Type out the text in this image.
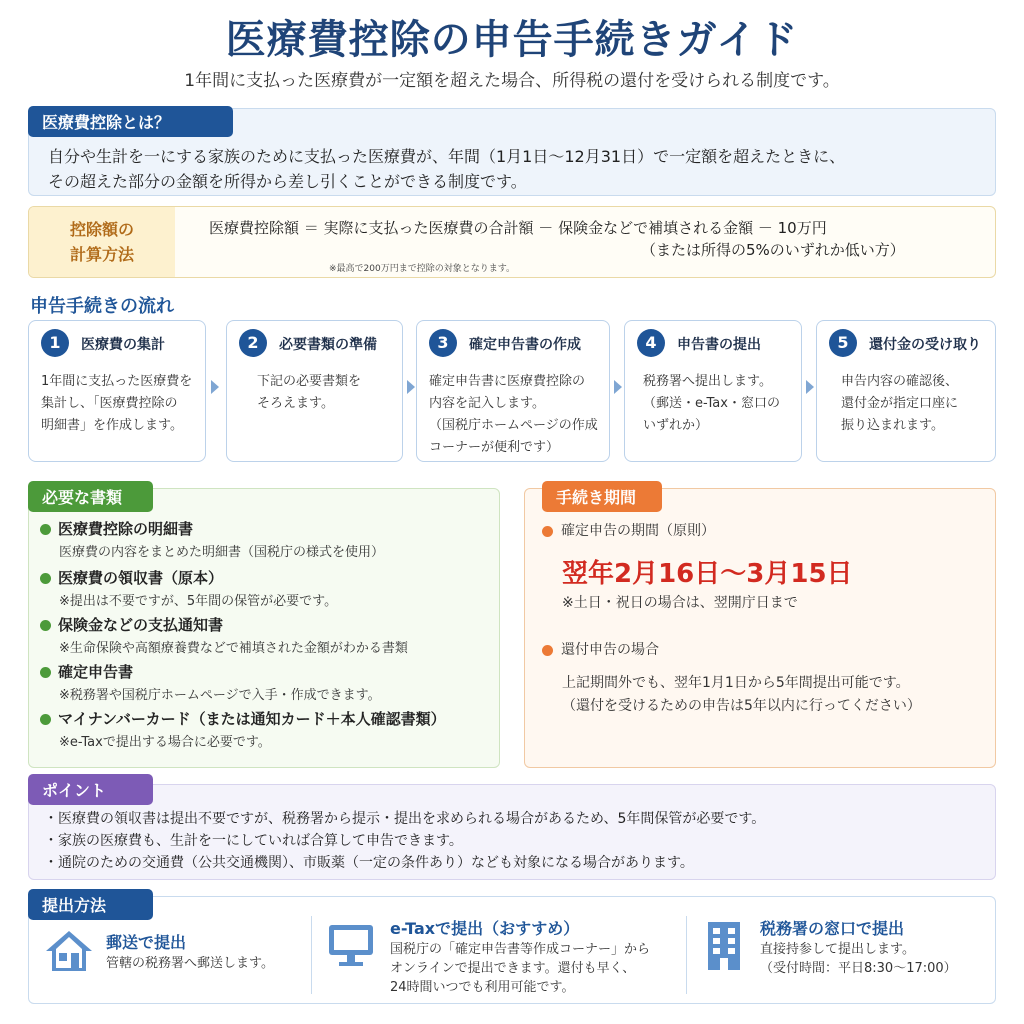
医療費控除の申告手続きガイド
1年間に支払った医療費が一定額を超えた場合、所得税の還付を受けられる制度です。
医療費控除とは？
自分や生計を一にする家族のために支払った医療費が、年間（1月1日〜12月31日）で一定額を超えたときに、
その超えた部分の金額を所得から差し引くことができる制度です。
控除額の
計算方法
医療費控除額 ＝ 実際に支払った医療費の合計額 － 保険金などで補填される金額 － 10万円
（または所得の5%のいずれか低い方）
※最高で200万円まで控除の対象となります。
申告手続きの流れ
1	医療費の集計
1年間に支払った医療費を
集計し、「医療費控除の
明細書」を作成します。
2	必要書類の準備
下記の必要書類を
そろえます。
3	確定申告書の作成
確定申告書に医療費控除の
内容を記入します。
（国税庁ホームページの作成
コーナーが便利です）
4	申告書の提出
税務署へ提出します。
（郵送・e-Tax・窓口の
いずれか）
5	還付金の受け取り
申告内容の確認後、
還付金が指定口座に
振り込まれます。
必要な書類
医療費控除の明細書
医療費の内容をまとめた明細書（国税庁の様式を使用）
医療費の領収書（原本）
※提出は不要ですが、5年間の保管が必要です。
保険金などの支払通知書
※生命保険や高額療養費などで補填された金額がわかる書類
確定申告書
※税務署や国税庁ホームページで入手・作成できます。
マイナンバーカード（または通知カード＋本人確認書類）
※e-Taxで提出する場合に必要です。
手続き期間
確定申告の期間（原則）
翌年2月16日〜3月15日
※土日・祝日の場合は、翌開庁日まで
還付申告の場合
上記期間外でも、翌年1月1日から5年間提出可能です。
（還付を受けるための申告は5年以内に行ってください）
ポイント
・医療費の領収書は提出不要ですが、税務署から提示・提出を求められる場合があるため、5年間保管が必要です。
・家族の医療費も、生計を一にしていれば合算して申告できます。
・通院のための交通費（公共交通機関）、市販薬（一定の条件あり）なども対象になる場合があります。
提出方法
郵送で提出
管轄の税務署へ郵送します。
e-Taxで提出（おすすめ）
国税庁の「確定申告書等作成コーナー」から
オンラインで提出できます。還付も早く、
24時間いつでも利用可能です。
税務署の窓口で提出
直接持参して提出します。
（受付時間：平日8:30〜17:00）
